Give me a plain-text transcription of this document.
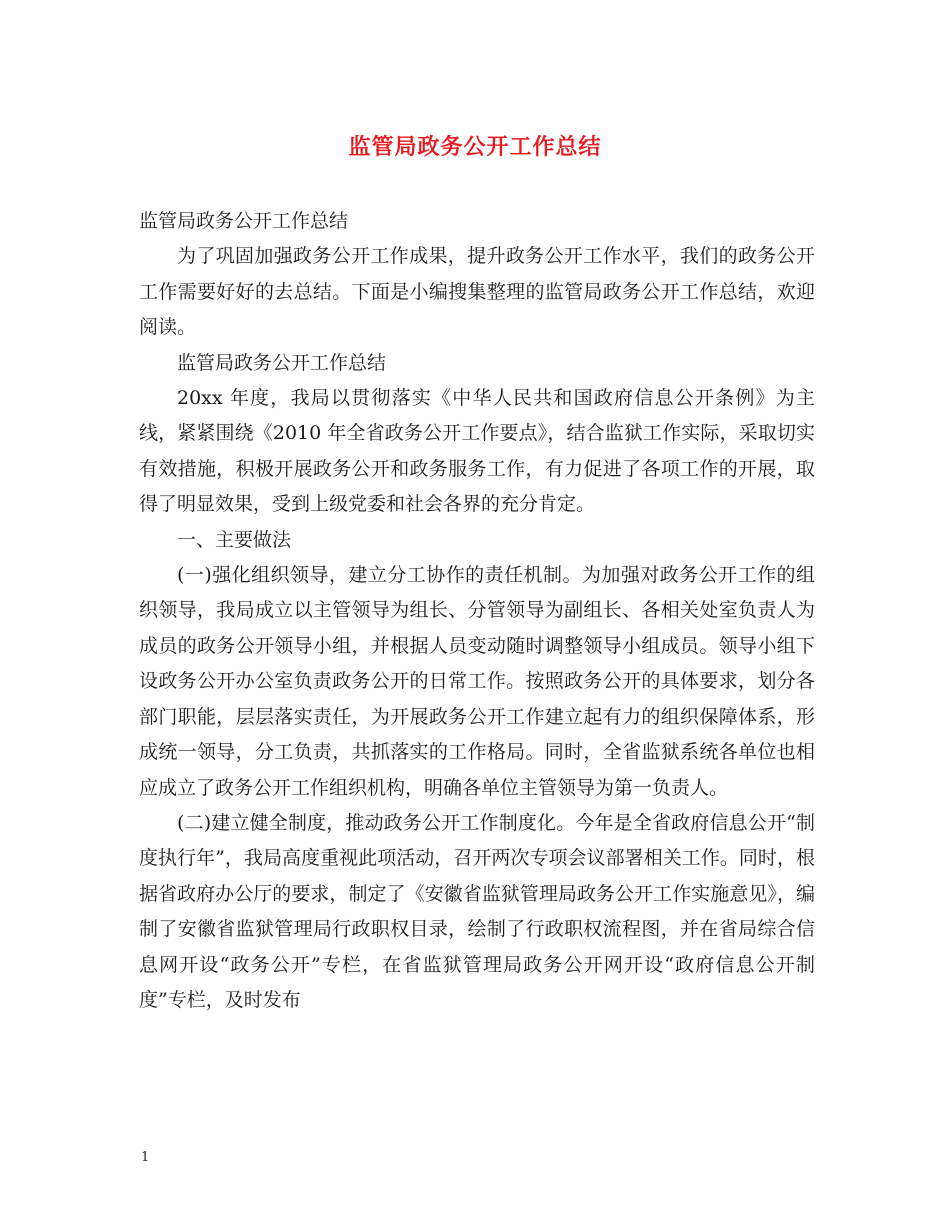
监管局政务公开工作总结

监管局政务公开工作总结

为了巩固加强政务公开工作成果，提升政务公开工作水平，我们的政务公开工作需要好好的去总结。下面是小编搜集整理的监管局政务公开工作总结，欢迎阅读。

监管局政务公开工作总结

20xx 年度，我局以贯彻落实《中华人民共和国政府信息公开条例》为主线，紧紧围绕《2010 年全省政务公开工作要点》，结合监狱工作实际，采取切实有效措施，积极开展政务公开和政务服务工作，有力促进了各项工作的开展，取得了明显效果，受到上级党委和社会各界的充分肯定。

一、主要做法

(一)强化组织领导，建立分工协作的责任机制。为加强对政务公开工作的组织领导，我局成立以主管领导为组长、分管领导为副组长、各相关处室负责人为成员的政务公开领导小组，并根据人员变动随时调整领导小组成员。领导小组下设政务公开办公室负责政务公开的日常工作。按照政务公开的具体要求，划分各部门职能，层层落实责任，为开展政务公开工作建立起有力的组织保障体系，形成统一领导，分工负责，共抓落实的工作格局。同时，全省监狱系统各单位也相应成立了政务公开工作组织机构，明确各单位主管领导为第一负责人。

(二)建立健全制度，推动政务公开工作制度化。今年是全省政府信息公开“制度执行年”，我局高度重视此项活动，召开两次专项会议部署相关工作。同时，根据省政府办公厅的要求，制定了《安徽省监狱管理局政务公开工作实施意见》，编制了安徽省监狱管理局行政职权目录，绘制了行政职权流程图，并在省局综合信息网开设“政务公开”专栏，在省监狱管理局政务公开网开设“政府信息公开制度”专栏，及时发布

1
